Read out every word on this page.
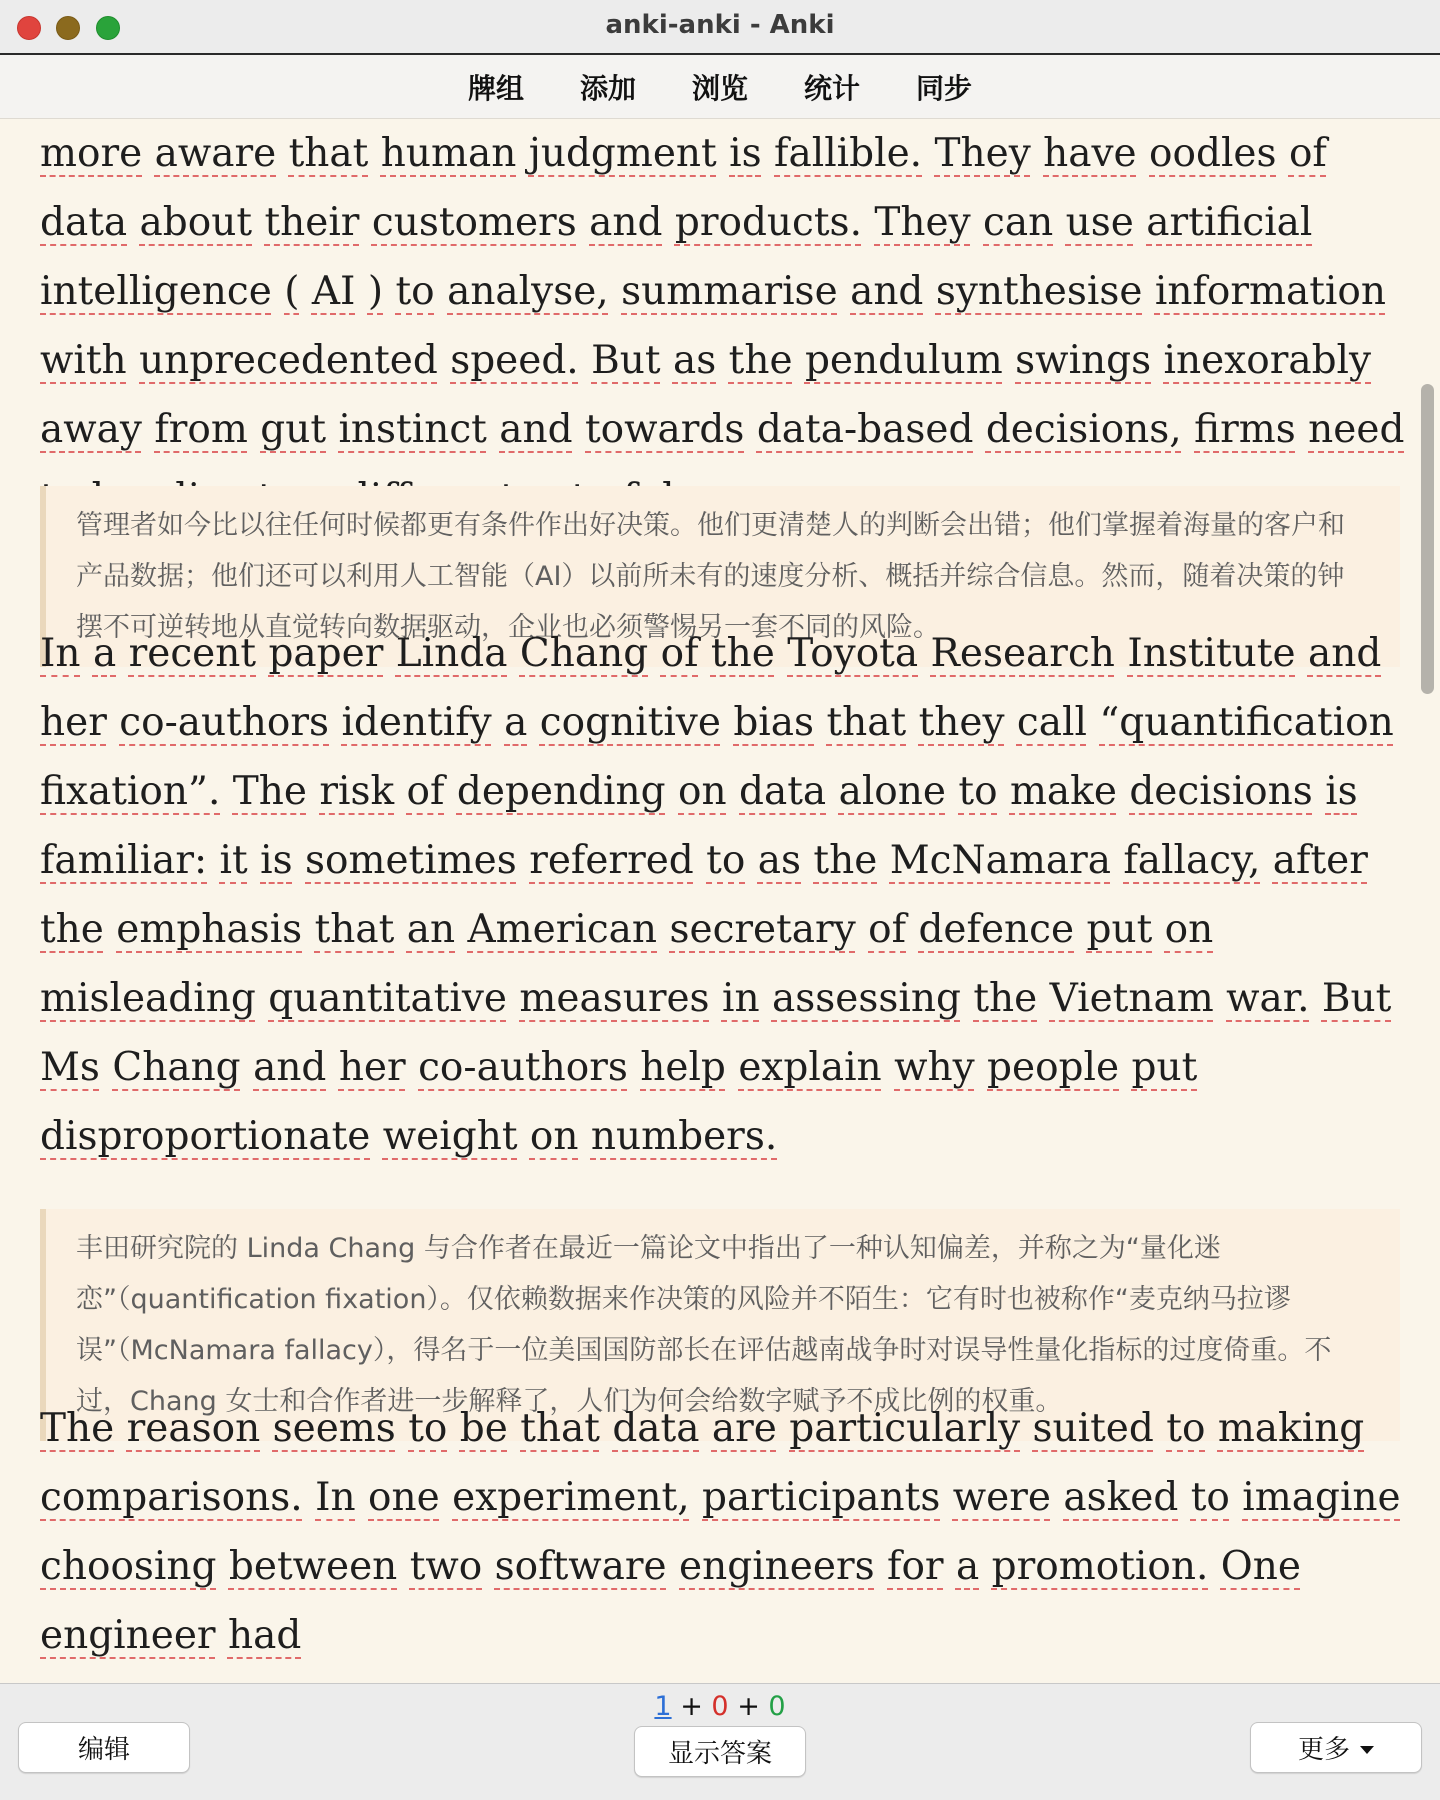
anki-anki - Anki
牌组 添加 浏览 统计 同步

more aware that human judgment is fallible. They have oodles of data about their customers and products. They can use artificial intelligence ( AI ) to analyse, summarise and synthesise information with unprecedented speed. But as the pendulum swings inexorably away from gut instinct and towards data-based decisions, firms need

管理者如今比以往任何时候都更有条件作出好决策。他们更清楚人的判断会出错；他们掌握着海量的客户和产品数据；他们还可以利用人工智能（AI）以前所未有的速度分析、概括并综合信息。然而，随着决策的钟摆不可逆转地从直觉转向数据驱动，企业也必须警惕另一套不同的风险。

In a recent paper Linda Chang of the Toyota Research Institute and her co-authors identify a cognitive bias that they call “quantification fixation”. The risk of depending on data alone to make decisions is familiar: it is sometimes referred to as the McNamara fallacy, after the emphasis that an American secretary of defence put on misleading quantitative measures in assessing the Vietnam war. But Ms Chang and her co-authors help explain why people put disproportionate weight on numbers.

丰田研究院的 Linda Chang 与合作者在最近一篇论文中指出了一种认知偏差，并称之为“量化迷恋”（quantification fixation）。仅依赖数据来作决策的风险并不陌生：它有时也被称作“麦克纳马拉谬误”（McNamara fallacy），得名于一位美国国防部长在评估越南战争时对误导性量化指标的过度倚重。不过，Chang 女士和合作者进一步解释了，人们为何会给数字赋予不成比例的权重。

The reason seems to be that data are particularly suited to making comparisons. In one experiment, participants were asked to imagine choosing between two software engineers for a promotion. One engineer had

1 + 0 + 0
编辑	显示答案	更多
